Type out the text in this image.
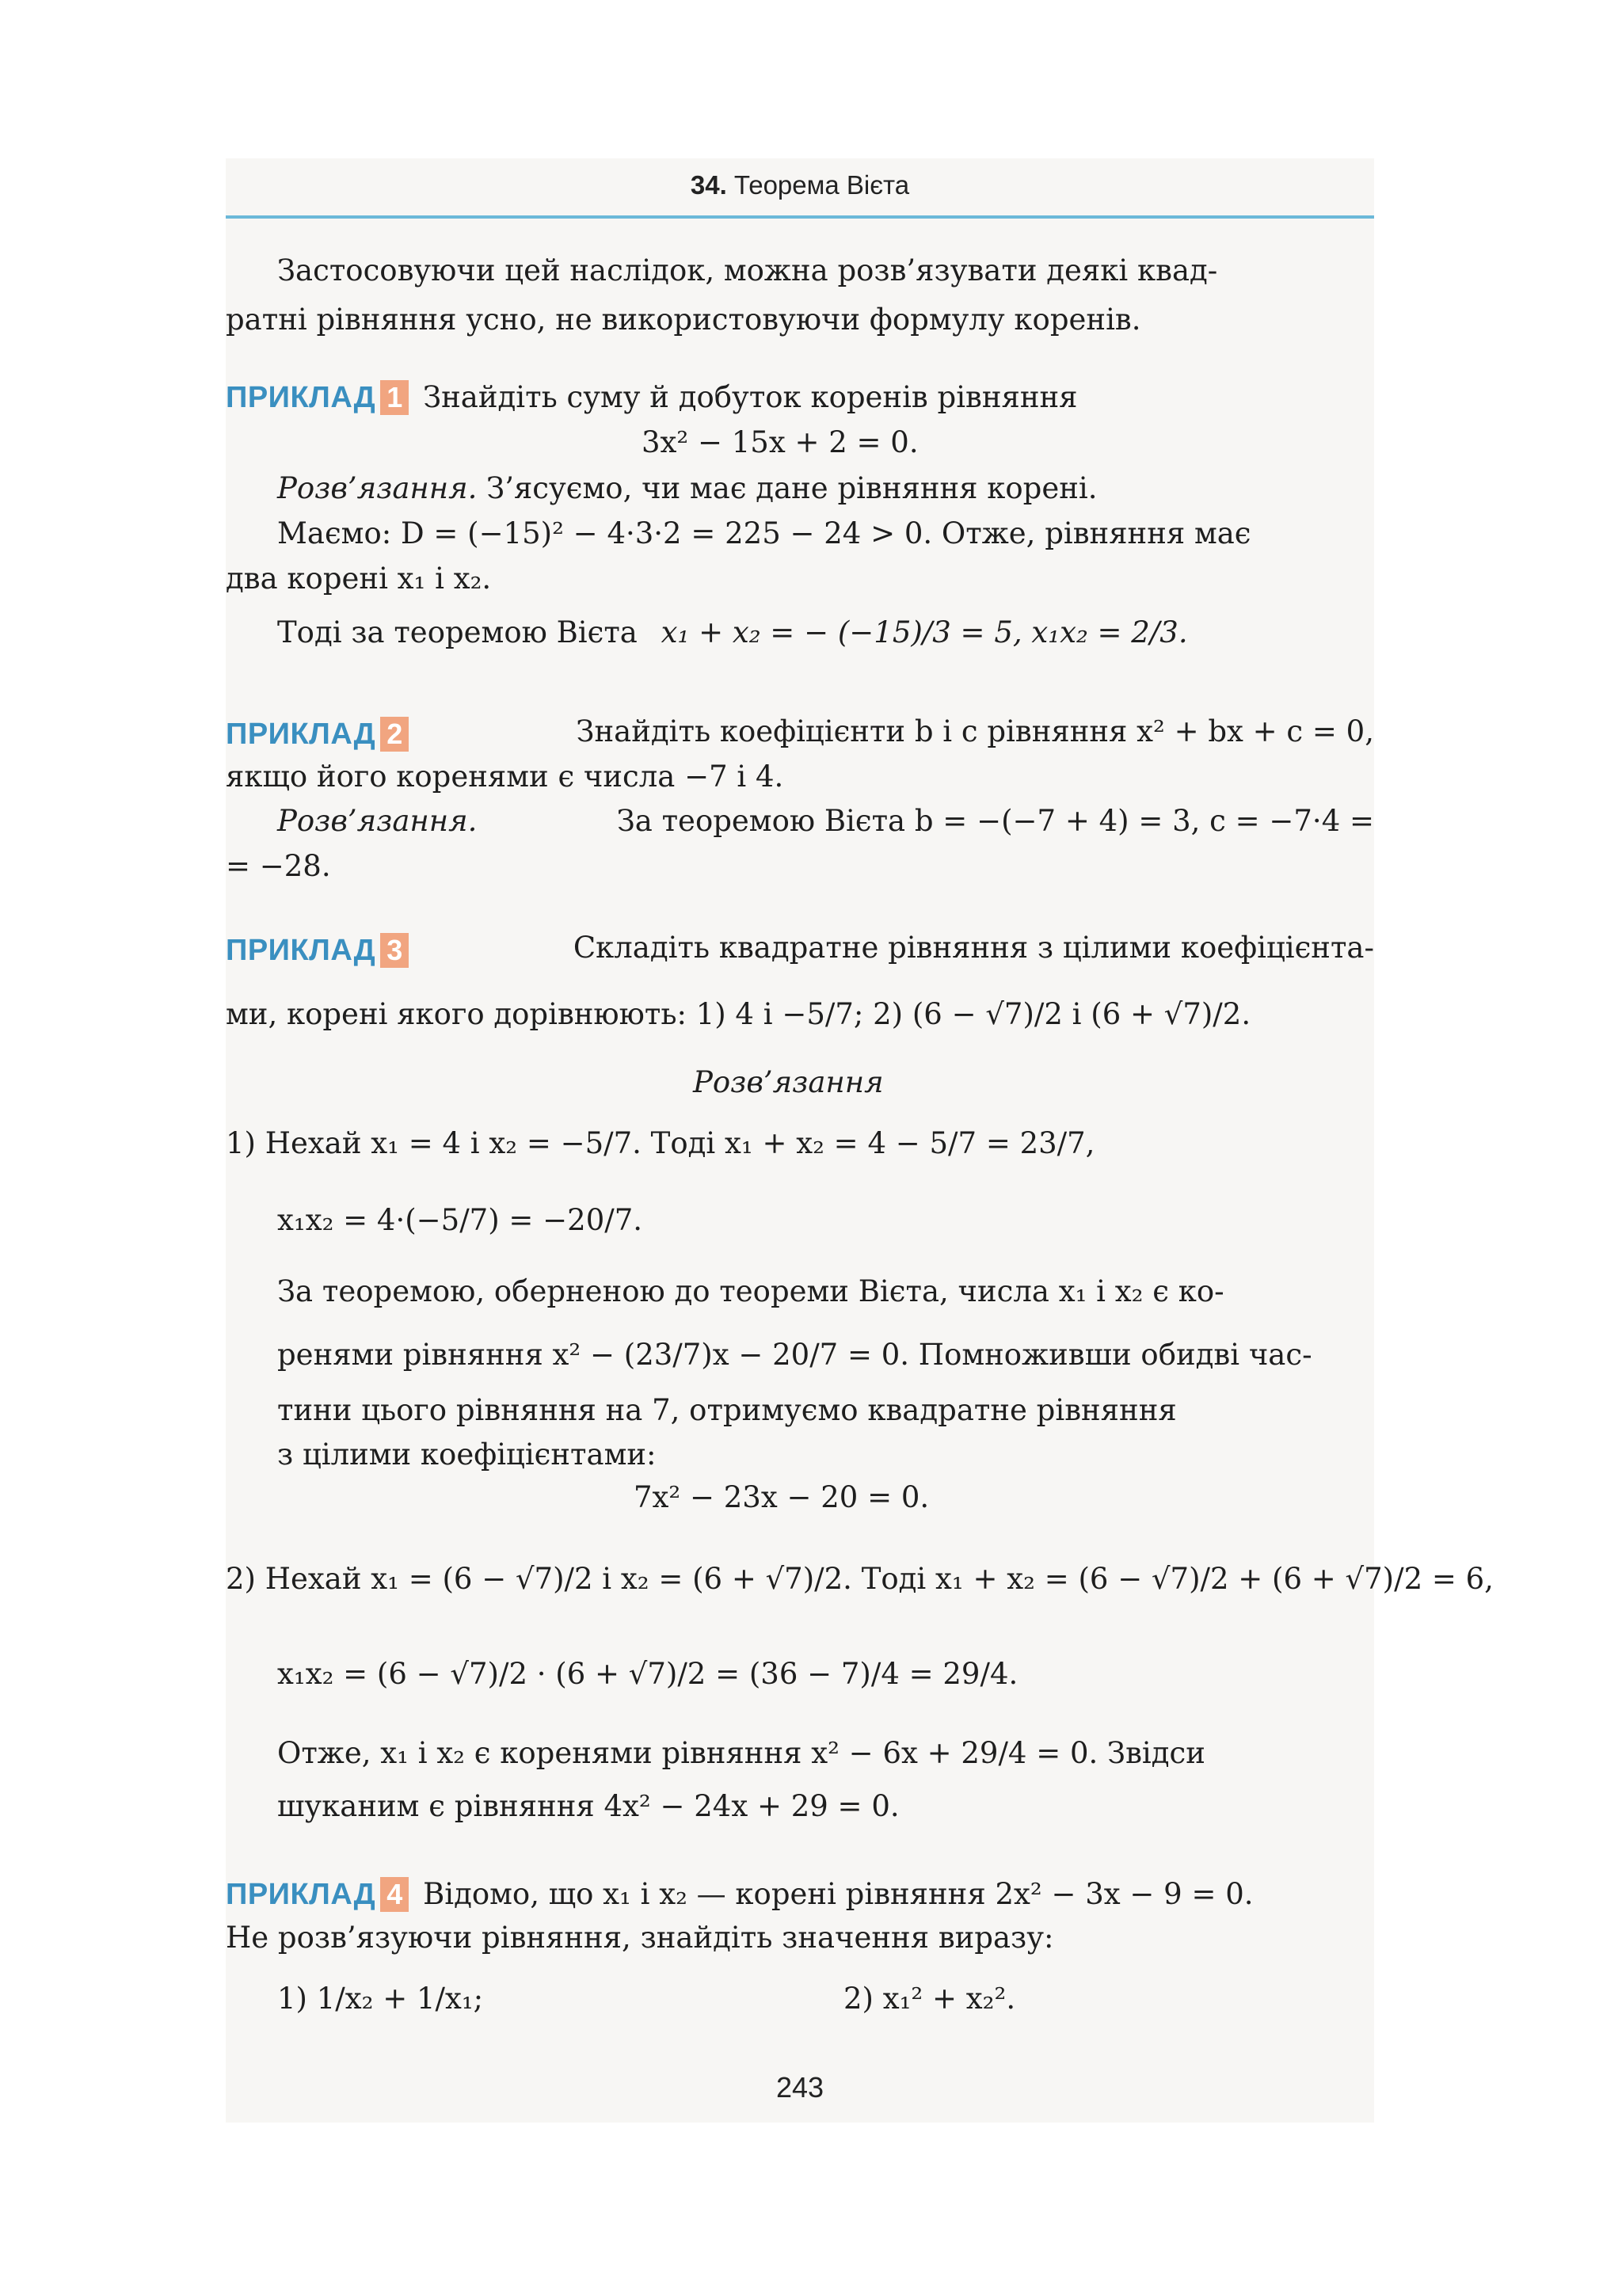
34. Теорема Вієта
Застосовуючи цей наслідок, можна розв’язувати деякі квад-
ратні рівняння усно, не використовуючи формулу коренів.
ПРИКЛАД 1 Знайдіть суму й добуток коренів рівняння
3x² − 15x + 2 = 0.
Розв’язання. З’ясуємо, чи має дане рівняння корені.
Маємо: D = (−15)² − 4·3·2 = 225 − 24 > 0. Отже, рівняння має
два корені x₁ і x₂.
Тоді за теоремою Вієта x₁ + x₂ = − (−15)/3 = 5, x₁x₂ = 2/3.
ПРИКЛАД 2	Знайдіть коефіцієнти b і c рівняння x² + bx + c = 0,
якщо його коренями є числа −7 і 4.
Розв’язання.	За теоремою Вієта b = −(−7 + 4) = 3, c = −7·4 =
= −28.
ПРИКЛАД 3	Складіть квадратне рівняння з цілими коефіцієнта-
ми, корені якого дорівнюють: 1) 4 і −5/7; 2) (6 − √7)/2 і (6 + √7)/2.
Розв’язання
1) Нехай x₁ = 4 і x₂ = −5/7. Тоді x₁ + x₂ = 4 − 5/7 = 23/7,
x₁x₂ = 4·(−5/7) = −20/7.
За теоремою, оберненою до теореми Вієта, числа x₁ і x₂ є ко-
ренями рівняння x² − (23/7)x − 20/7 = 0. Помноживши обидві час-
тини цього рівняння на 7, отримуємо квадратне рівняння
з цілими коефіцієнтами:
7x² − 23x − 20 = 0.
2) Нехай x₁ = (6 − √7)/2 і x₂ = (6 + √7)/2. Тоді x₁ + x₂ = (6 − √7)/2 + (6 + √7)/2 = 6,
x₁x₂ = (6 − √7)/2 · (6 + √7)/2 = (36 − 7)/4 = 29/4.
Отже, x₁ і x₂ є коренями рівняння x² − 6x + 29/4 = 0. Звідси
шуканим є рівняння 4x² − 24x + 29 = 0.
ПРИКЛАД 4 Відомо, що x₁ і x₂ — корені рівняння 2x² − 3x − 9 = 0.
Не розв’язуючи рівняння, знайдіть значення виразу:
1) 1/x₂ + 1/x₁;	2) x₁² + x₂².
243
